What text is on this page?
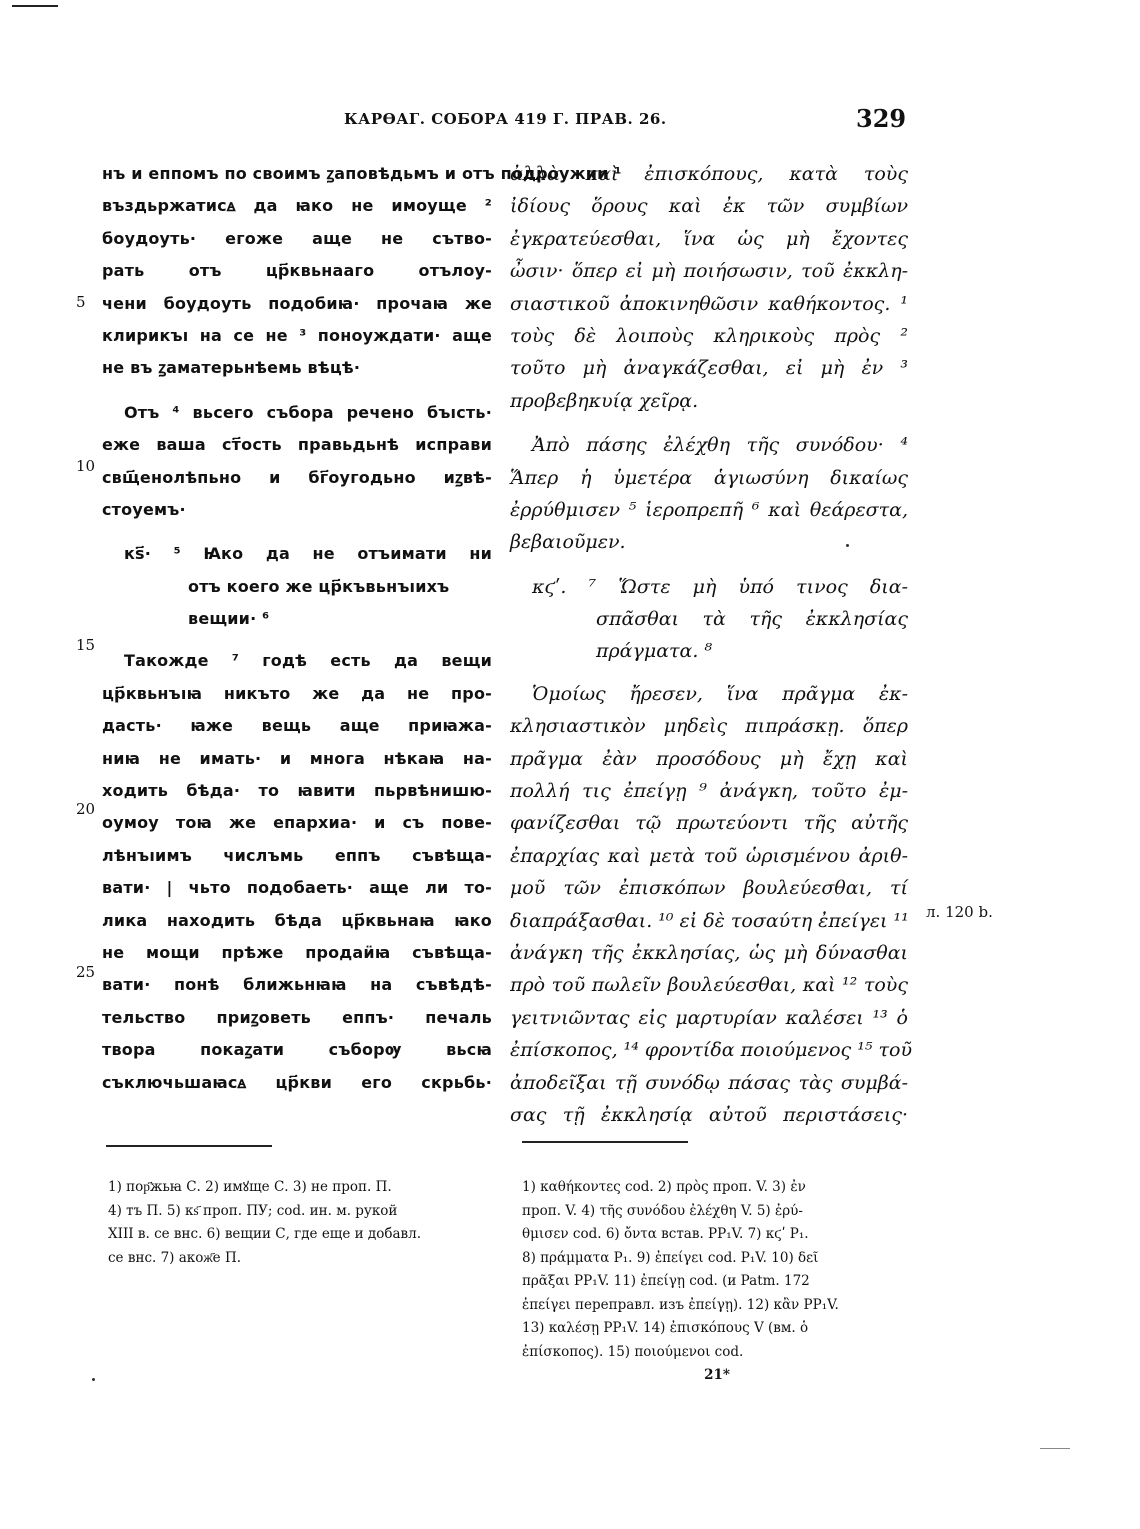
КАРѲАГ. СОБОРА 419 Г. ПРАВ. 26.	329
нъ и еппомъ по своимъ ꙁаповѣдьмъ и отъ подроужии ¹
въздьржатисꙙ да ꙗко не имоуще ²
боудоуть· егоже аще не сътво-
рать отъ цр҃квьнааго отълоу-
чени боудоуть подобиꙗ· прочаꙗ же
клирикъı на се не ³ поноуждати· аще
не въ ꙁаматерьнѣемь вѣцѣ·
Отъ ⁴ вьсего събора речено бъıсть·
еже ваша ст҃ость правьдьнѣ исправи
свщ҃енолѣпьно и бг҃оугодьно иꙁвѣ-
стоуемъ·
кѕ҃· ⁵ Ꙗко да не отъимати ни
отъ коего же цр҃къвьнъıихъ
вещии· ⁶
Такожде ⁷ годѣ есть да вещи
цр҃квьнъıꙗ никъто же да не про-
дасть· ꙗже вещь аще приꙗжа-
ниꙗ не имать· и многа нѣкаꙗ на-
ходить бѣда· то ꙗвити пьрвѣнишю-
оумоу тоꙗ же епархиа· и съ пове-
лѣнъıимъ числъмь еппъ съвѣща-
вати· | чьто подобаеть· аще ли то-
лика находить бѣда цр҃квьнаꙗ ꙗко
не мощи прѣже продаӥꙗ съвѣща-
вати· понѣ ближьнꙗꙗ на съвѣдѣ-
тельство приꙁоветь еппъ· печаль
твора покаꙁати съборѹ вьсꙗ
съключьшаꙗсꙙ цр҃кви его скрьбь·
5
10
15
20
25
ἀλλὰ καὶ ἐπισκόπους, κατὰ τοὺς
ἰδίους ὅρους καὶ ἐκ τῶν συμβίων
ἐγκρατεύεσθαι, ἵνα ὡς μὴ ἔχοντες
ὦσιν· ὅπερ εἰ μὴ ποιήσωσιν, τοῦ ἐκκλη-
σιαστικοῦ ἀποκινηθῶσιν καθήκοντος. ¹
τοὺς δὲ λοιποὺς κληρικοὺς πρὸς ²
τοῦτο μὴ ἀναγκάζεσθαι, εἰ μὴ ἐν ³
προβεβηκυίᾳ χεῖρᾳ.
Ἀπὸ πάσης ἐλέχθη τῆς συνόδου· ⁴
Ἅπερ ἡ ὑμετέρα ἁγιωσύνη δικαίως
ἐρρύθμισεν ⁵ ἱεροπρεπῆ ⁶ καὶ θεάρεστα,
βεβαιοῦμεν.
κϛʹ. ⁷ Ὥστε μὴ ὑπό τινος δια-
σπᾶσθαι τὰ τῆς ἐκκλησίας
πράγματα. ⁸
Ὁμοίως ἤρεσεν, ἵνα πρᾶγμα ἐκ-
κλησιαστικὸν μηδεὶς πιπράσκῃ. ὅπερ
πρᾶγμα ἐὰν προσόδους μὴ ἔχῃ καὶ
πολλή τις ἐπείγῃ ⁹ ἀνάγκη, τοῦτο ἐμ-
φανίζεσθαι τῷ πρωτεύοντι τῆς αὐτῆς
ἐπαρχίας καὶ μετὰ τοῦ ὡρισμένου ἀριθ-
μοῦ τῶν ἐπισκόπων βουλεύεσθαι, τί
διαπράξασθαι. ¹⁰ εἰ δὲ τοσαύτη ἐπείγει ¹¹
ἀνάγκη τῆς ἐκκλησίας, ὡς μὴ δύνασθαι
πρὸ τοῦ πωλεῖν βουλεύεσθαι, καὶ ¹² τοὺς
γειτνιῶντας εἰς μαρτυρίαν καλέσει ¹³ ὁ
ἐπίσκοπος, ¹⁴ φροντίδα ποιούμενος ¹⁵ τοῦ
ἀποδεῖξαι τῇ συνόδῳ πάσας τὰς συμβά-
σας τῇ ἐκκλησίᾳ αὐτοῦ περιστάσεις·
л. 120 b.
1) пор҃жьꙗ С. 2) имꙋще С. 3) не проп. П.
4) тъ П. 5) кѕ҃ проп. ПУ; cod. ин. м. рукой
XIII в. се внс. 6) вещии С, где еще и добавл.
се внс. 7) акож҃е П.
1) καθήκοντες cod. 2) πρὸς проп. V. 3) ἐν
проп. V. 4) τῆς συνόδου ἐλέχθη V. 5) ἐρύ-
θμισεν cod. 6) ὄντα встав. PP₁V. 7) κϛʹ P₁.
8) πράμματα P₁. 9) ἐπείγει cod. P₁V. 10) δεῖ
πρᾶξαι PP₁V. 11) ἐπείγῃ cod. (и Patm. 172
ἐπείγει переправл. изъ ἐπείγῃ). 12) κἂν PP₁V.
13) καλέσῃ PP₁V. 14) ἐπισκόπους V (вм. ὁ
ἐπίσκοπος). 15) ποιούμενοι cod.
21*
